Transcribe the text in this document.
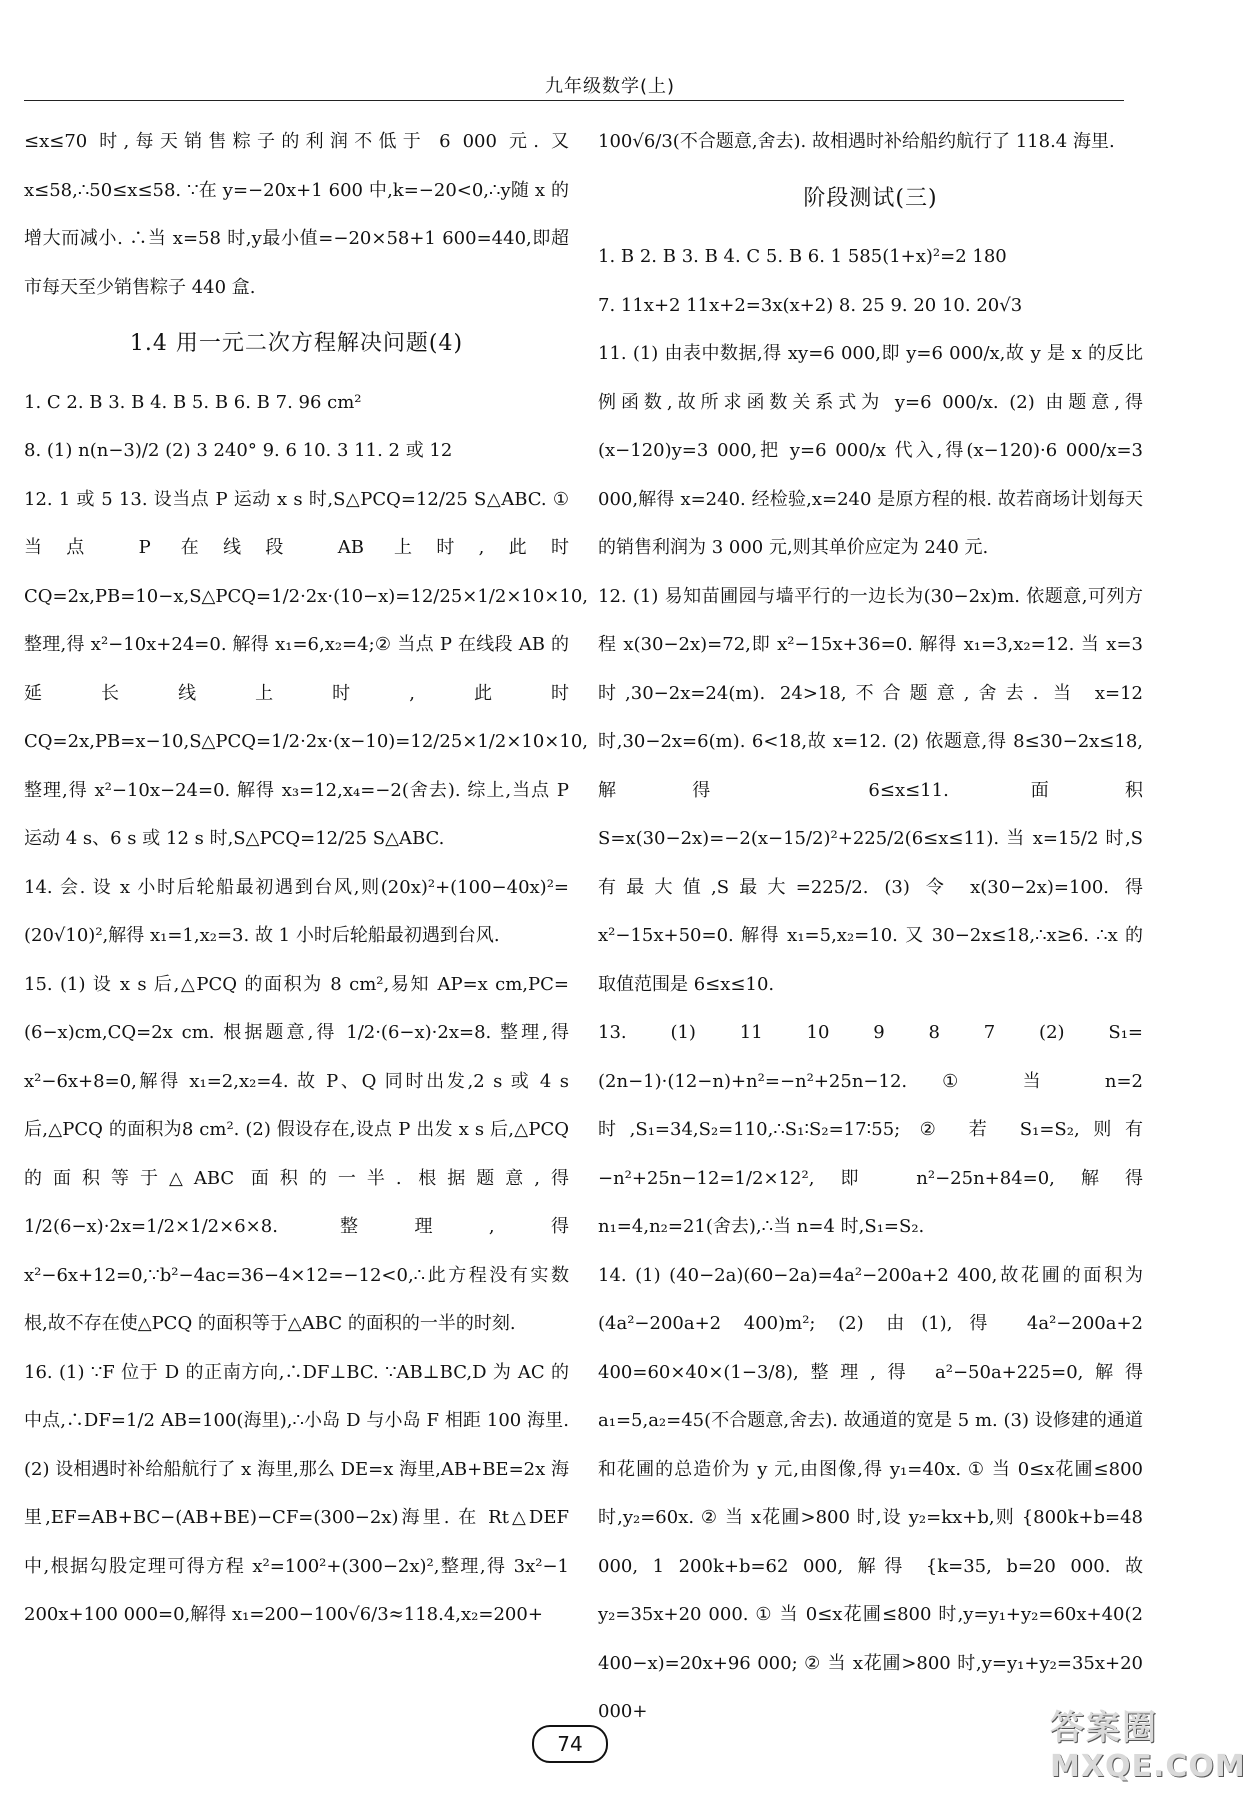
九年级数学(上)

≤x≤70 时,每天销售粽子的利润不低于 6 000 元. 又 x≤58,∴50≤x≤58. ∵在 y=−20x+1 600 中,k=−20<0,∴y随 x 的增大而减小. ∴当 x=58 时,y最小值=−20×58+1 600=440,即超市每天至少销售粽子 440 盒.

1.4 用一元二次方程解决问题(4)

1. C 2. B 3. B 4. B 5. B 6. B 7. 96 cm²

8. (1) n(n−3)/2 (2) 3 240° 9. 6 10. 3 11. 2 或 12

12. 1 或 5 13. 设当点 P 运动 x s 时,S△PCQ=12/25 S△ABC. ① 当点 P 在线段 AB 上时,此时 CQ=2x,PB=10−x,S△PCQ=1/2·2x·(10−x)=12/25×1/2×10×10,整理,得 x²−10x+24=0. 解得 x₁=6,x₂=4;② 当点 P 在线段 AB 的延长线上时,此时 CQ=2x,PB=x−10,S△PCQ=1/2·2x·(x−10)=12/25×1/2×10×10,整理,得 x²−10x−24=0. 解得 x₃=12,x₄=−2(舍去). 综上,当点 P 运动 4 s、6 s 或 12 s 时,S△PCQ=12/25 S△ABC.

14. 会. 设 x 小时后轮船最初遇到台风,则(20x)²+(100−40x)²=(20√10)²,解得 x₁=1,x₂=3. 故 1 小时后轮船最初遇到台风.

15. (1) 设 x s 后,△PCQ 的面积为 8 cm²,易知 AP=x cm,PC=(6−x)cm,CQ=2x cm. 根据题意,得 1/2·(6−x)·2x=8. 整理,得 x²−6x+8=0,解得 x₁=2,x₂=4. 故 P、Q 同时出发,2 s 或 4 s 后,△PCQ 的面积为8 cm². (2) 假设存在,设点 P 出发 x s 后,△PCQ 的面积等于△ABC 面积的一半. 根据题意,得 1/2(6−x)·2x=1/2×1/2×6×8. 整理,得 x²−6x+12=0,∵b²−4ac=36−4×12=−12<0,∴此方程没有实数根,故不存在使△PCQ 的面积等于△ABC 的面积的一半的时刻.

16. (1) ∵F 位于 D 的正南方向,∴DF⊥BC. ∵AB⊥BC,D 为 AC 的中点,∴DF=1/2 AB=100(海里),∴小岛 D 与小岛 F 相距 100 海里. (2) 设相遇时补给船航行了 x 海里,那么 DE=x 海里,AB+BE=2x 海里,EF=AB+BC−(AB+BE)−CF=(300−2x)海里. 在 Rt△DEF 中,根据勾股定理可得方程 x²=100²+(300−2x)²,整理,得 3x²−1 200x+100 000=0,解得 x₁=200−100√6/3≈118.4,x₂=200+

100√6/3(不合题意,舍去). 故相遇时补给船约航行了 118.4 海里.

阶段测试(三)

1. B 2. B 3. B 4. C 5. B 6. 1 585(1+x)²=2 180

7. 11x+2 11x+2=3x(x+2) 8. 25 9. 20 10. 20√3

11. (1) 由表中数据,得 xy=6 000,即 y=6 000/x,故 y 是 x 的反比例函数,故所求函数关系式为 y=6 000/x. (2) 由题意,得(x−120)y=3 000,把 y=6 000/x 代入,得(x−120)·6 000/x=3 000,解得 x=240. 经检验,x=240 是原方程的根. 故若商场计划每天的销售利润为 3 000 元,则其单价应定为 240 元.

12. (1) 易知苗圃园与墙平行的一边长为(30−2x)m. 依题意,可列方程 x(30−2x)=72,即 x²−15x+36=0. 解得 x₁=3,x₂=12. 当 x=3 时,30−2x=24(m). 24>18,不合题意,舍去. 当 x=12 时,30−2x=6(m). 6<18,故 x=12. (2) 依题意,得 8≤30−2x≤18,解得 6≤x≤11. 面积 S=x(30−2x)=−2(x−15/2)²+225/2(6≤x≤11). 当 x=15/2 时,S 有最大值,S最大=225/2. (3) 令 x(30−2x)=100. 得 x²−15x+50=0. 解得 x₁=5,x₂=10. 又 30−2x≤18,∴x≥6. ∴x 的取值范围是 6≤x≤10.

13. (1) 11 10 9 8 7 (2) S₁=(2n−1)·(12−n)+n²=−n²+25n−12. ① 当 n=2 时,S₁=34,S₂=110,∴S₁∶S₂=17∶55; ② 若 S₁=S₂,则有−n²+25n−12=1/2×12²,即 n²−25n+84=0,解得 n₁=4,n₂=21(舍去),∴当 n=4 时,S₁=S₂.

14. (1) (40−2a)(60−2a)=4a²−200a+2 400,故花圃的面积为(4a²−200a+2 400)m²; (2) 由(1),得 4a²−200a+2 400=60×40×(1−3/8),整理,得 a²−50a+225=0,解得 a₁=5,a₂=45(不合题意,舍去). 故通道的宽是 5 m. (3) 设修建的通道和花圃的总造价为 y 元,由图像,得 y₁=40x. ① 当 0≤x花圃≤800 时,y₂=60x. ② 当 x花圃>800 时,设 y₂=kx+b,则 {800k+b=48 000, 1 200k+b=62 000, 解得 {k=35, b=20 000. 故 y₂=35x+20 000. ① 当 0≤x花圃≤800 时,y=y₁+y₂=60x+40(2 400−x)=20x+96 000; ② 当 x花圃>800 时,y=y₁+y₂=35x+20 000+

74	答案圈
MXQE.COM
